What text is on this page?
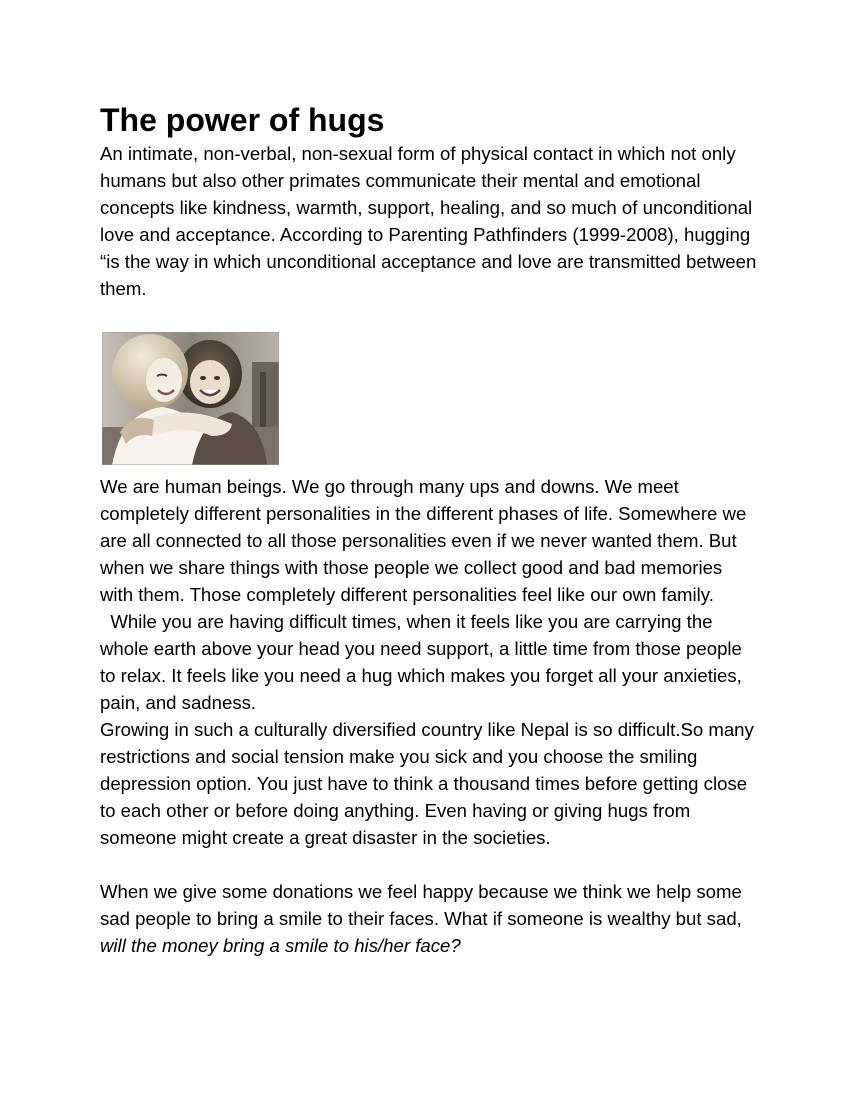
The power of hugs

An intimate, non-verbal, non-sexual form of physical contact in which not only humans but also other primates communicate their mental and emotional concepts like kindness, warmth, support, healing, and so much of unconditional love and acceptance. According to Parenting Pathfinders (1999-2008), hugging “is the way in which unconditional acceptance and love are transmitted between them.

We are human beings. We go through many ups and downs. We meet completely different personalities in the different phases of life. Somewhere we are all connected to all those personalities even if we never wanted them. But when we share things with those people we collect good and bad memories with them. Those completely different personalities feel like our own family.

While you are having difficult times, when it feels like you are carrying the whole earth above your head you need support, a little time from those people to relax. It feels like you need a hug which makes you forget all your anxieties, pain, and sadness.

Growing in such a culturally diversified country like Nepal is so difficult.So many restrictions and social tension make you sick and you choose the smiling depression option. You just have to think a thousand times before getting close to each other or before doing anything. Even having or giving hugs from someone might create a great disaster in the societies.

When we give some donations we feel happy because we think we help some sad people to bring a smile to their faces. What if someone is wealthy but sad, will the money bring a smile to his/her face?
